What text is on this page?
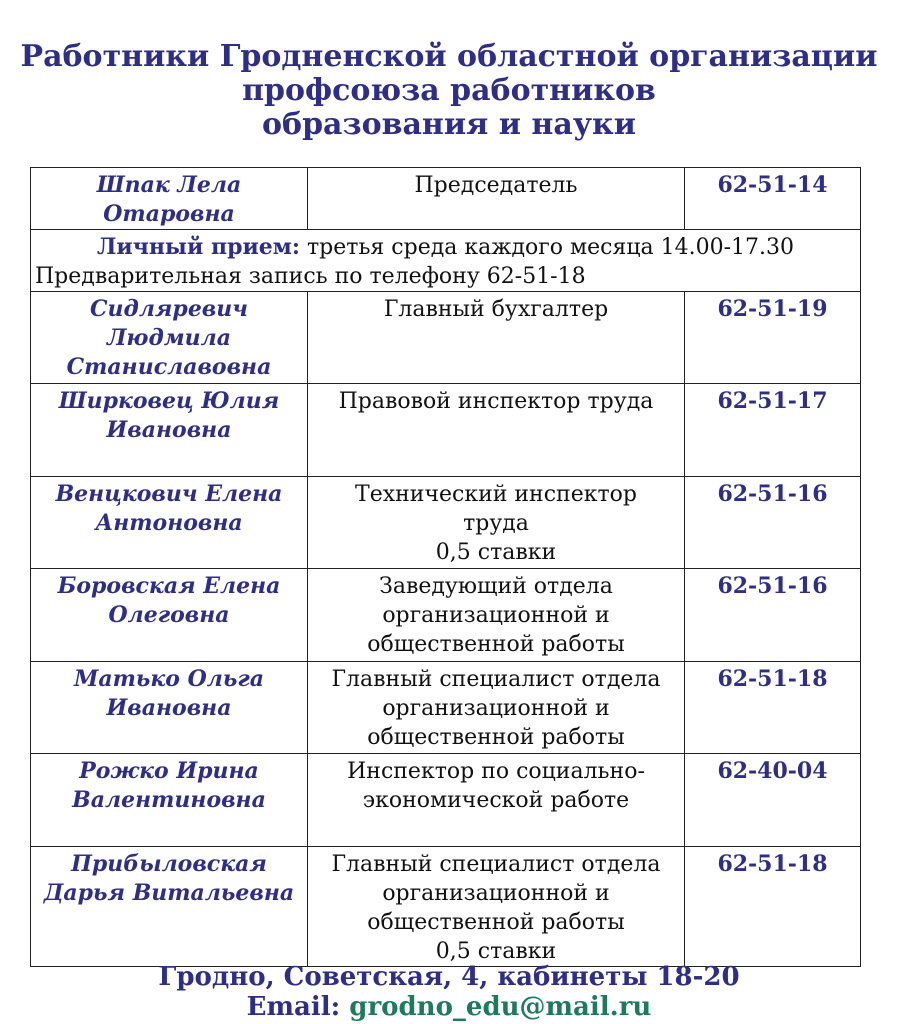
Работники Гродненской областной организации
профсоюза работников
образования и науки
Шпак Лела Отаровна	Председатель	62-51-14

Личный прием: третья среда каждого месяца 14.00-17.30
Предварительная запись по телефону 62-51-18		

Сидляревич Людмила Станиславовна	Главный бухгалтер	62-51-19
Ширковец Юлия Ивановна	Правовой инспектор труда	62-51-17
Венцкович Елена Антоновна	Технический инспектор
труда
0,5 ставки	62-51-16
Боровская Елена Олеговна	Заведующий отдела
организационной и
общественной работы	62-51-16
Матько Ольга Ивановна	Главный специалист отдела
организационной и
общественной работы	62-51-18
Рожко Ирина Валентиновна	Инспектор по социально-
экономической работе	62-40-04
Прибыловская Дарья Витальевна	Главный специалист отдела
организационной и
общественной работы
0,5 ставки	62-51-18
Гродно, Советская, 4, кабинеты 18-20
Email: grodno_edu@mail.ru
